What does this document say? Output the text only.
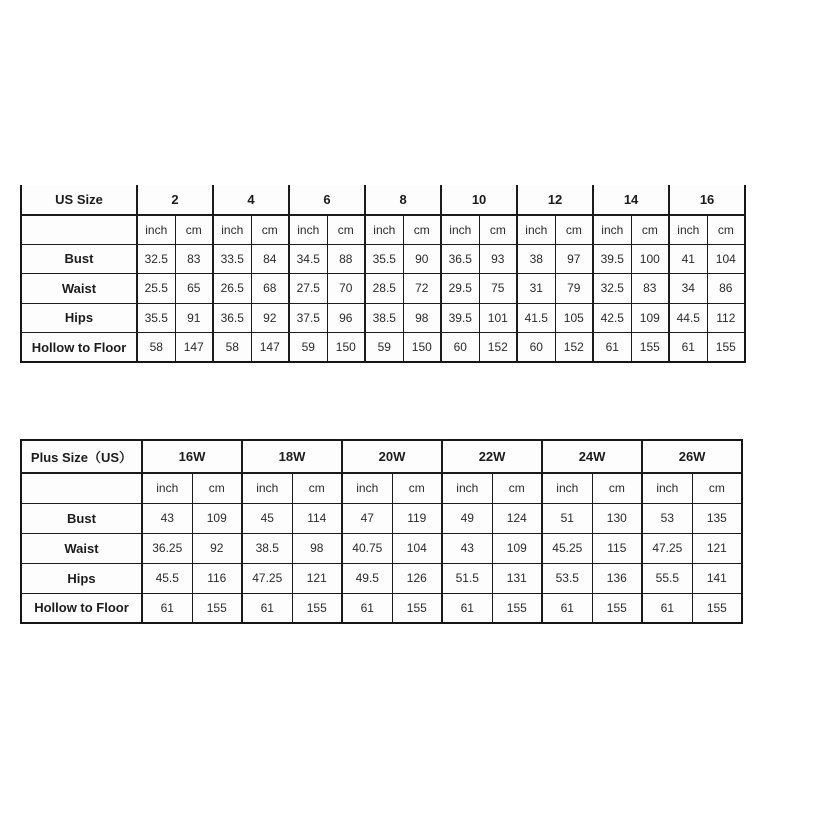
US Size	2		4		6		8		10		12		14		16	
	inch	cm	inch	cm	inch	cm	inch	cm	inch	cm	inch	cm	inch	cm	inch	cm
Bust	32.5	83	33.5	84	34.5	88	35.5	90	36.5	93	38	97	39.5	100	41	104
Waist	25.5	65	26.5	68	27.5	70	28.5	72	29.5	75	31	79	32.5	83	34	86
Hips	35.5	91	36.5	92	37.5	96	38.5	98	39.5	101	41.5	105	42.5	109	44.5	112
Hollow to Floor	58	147	58	147	59	150	59	150	60	152	60	152	61	155	61	155
Plus Size（US）	16W		18W		20W		22W		24W		26W	
	inch	cm	inch	cm	inch	cm	inch	cm	inch	cm	inch	cm
Bust	43	109	45	114	47	119	49	124	51	130	53	135
Waist	36.25	92	38.5	98	40.75	104	43	109	45.25	115	47.25	121
Hips	45.5	116	47.25	121	49.5	126	51.5	131	53.5	136	55.5	141
Hollow to Floor	61	155	61	155	61	155	61	155	61	155	61	155
